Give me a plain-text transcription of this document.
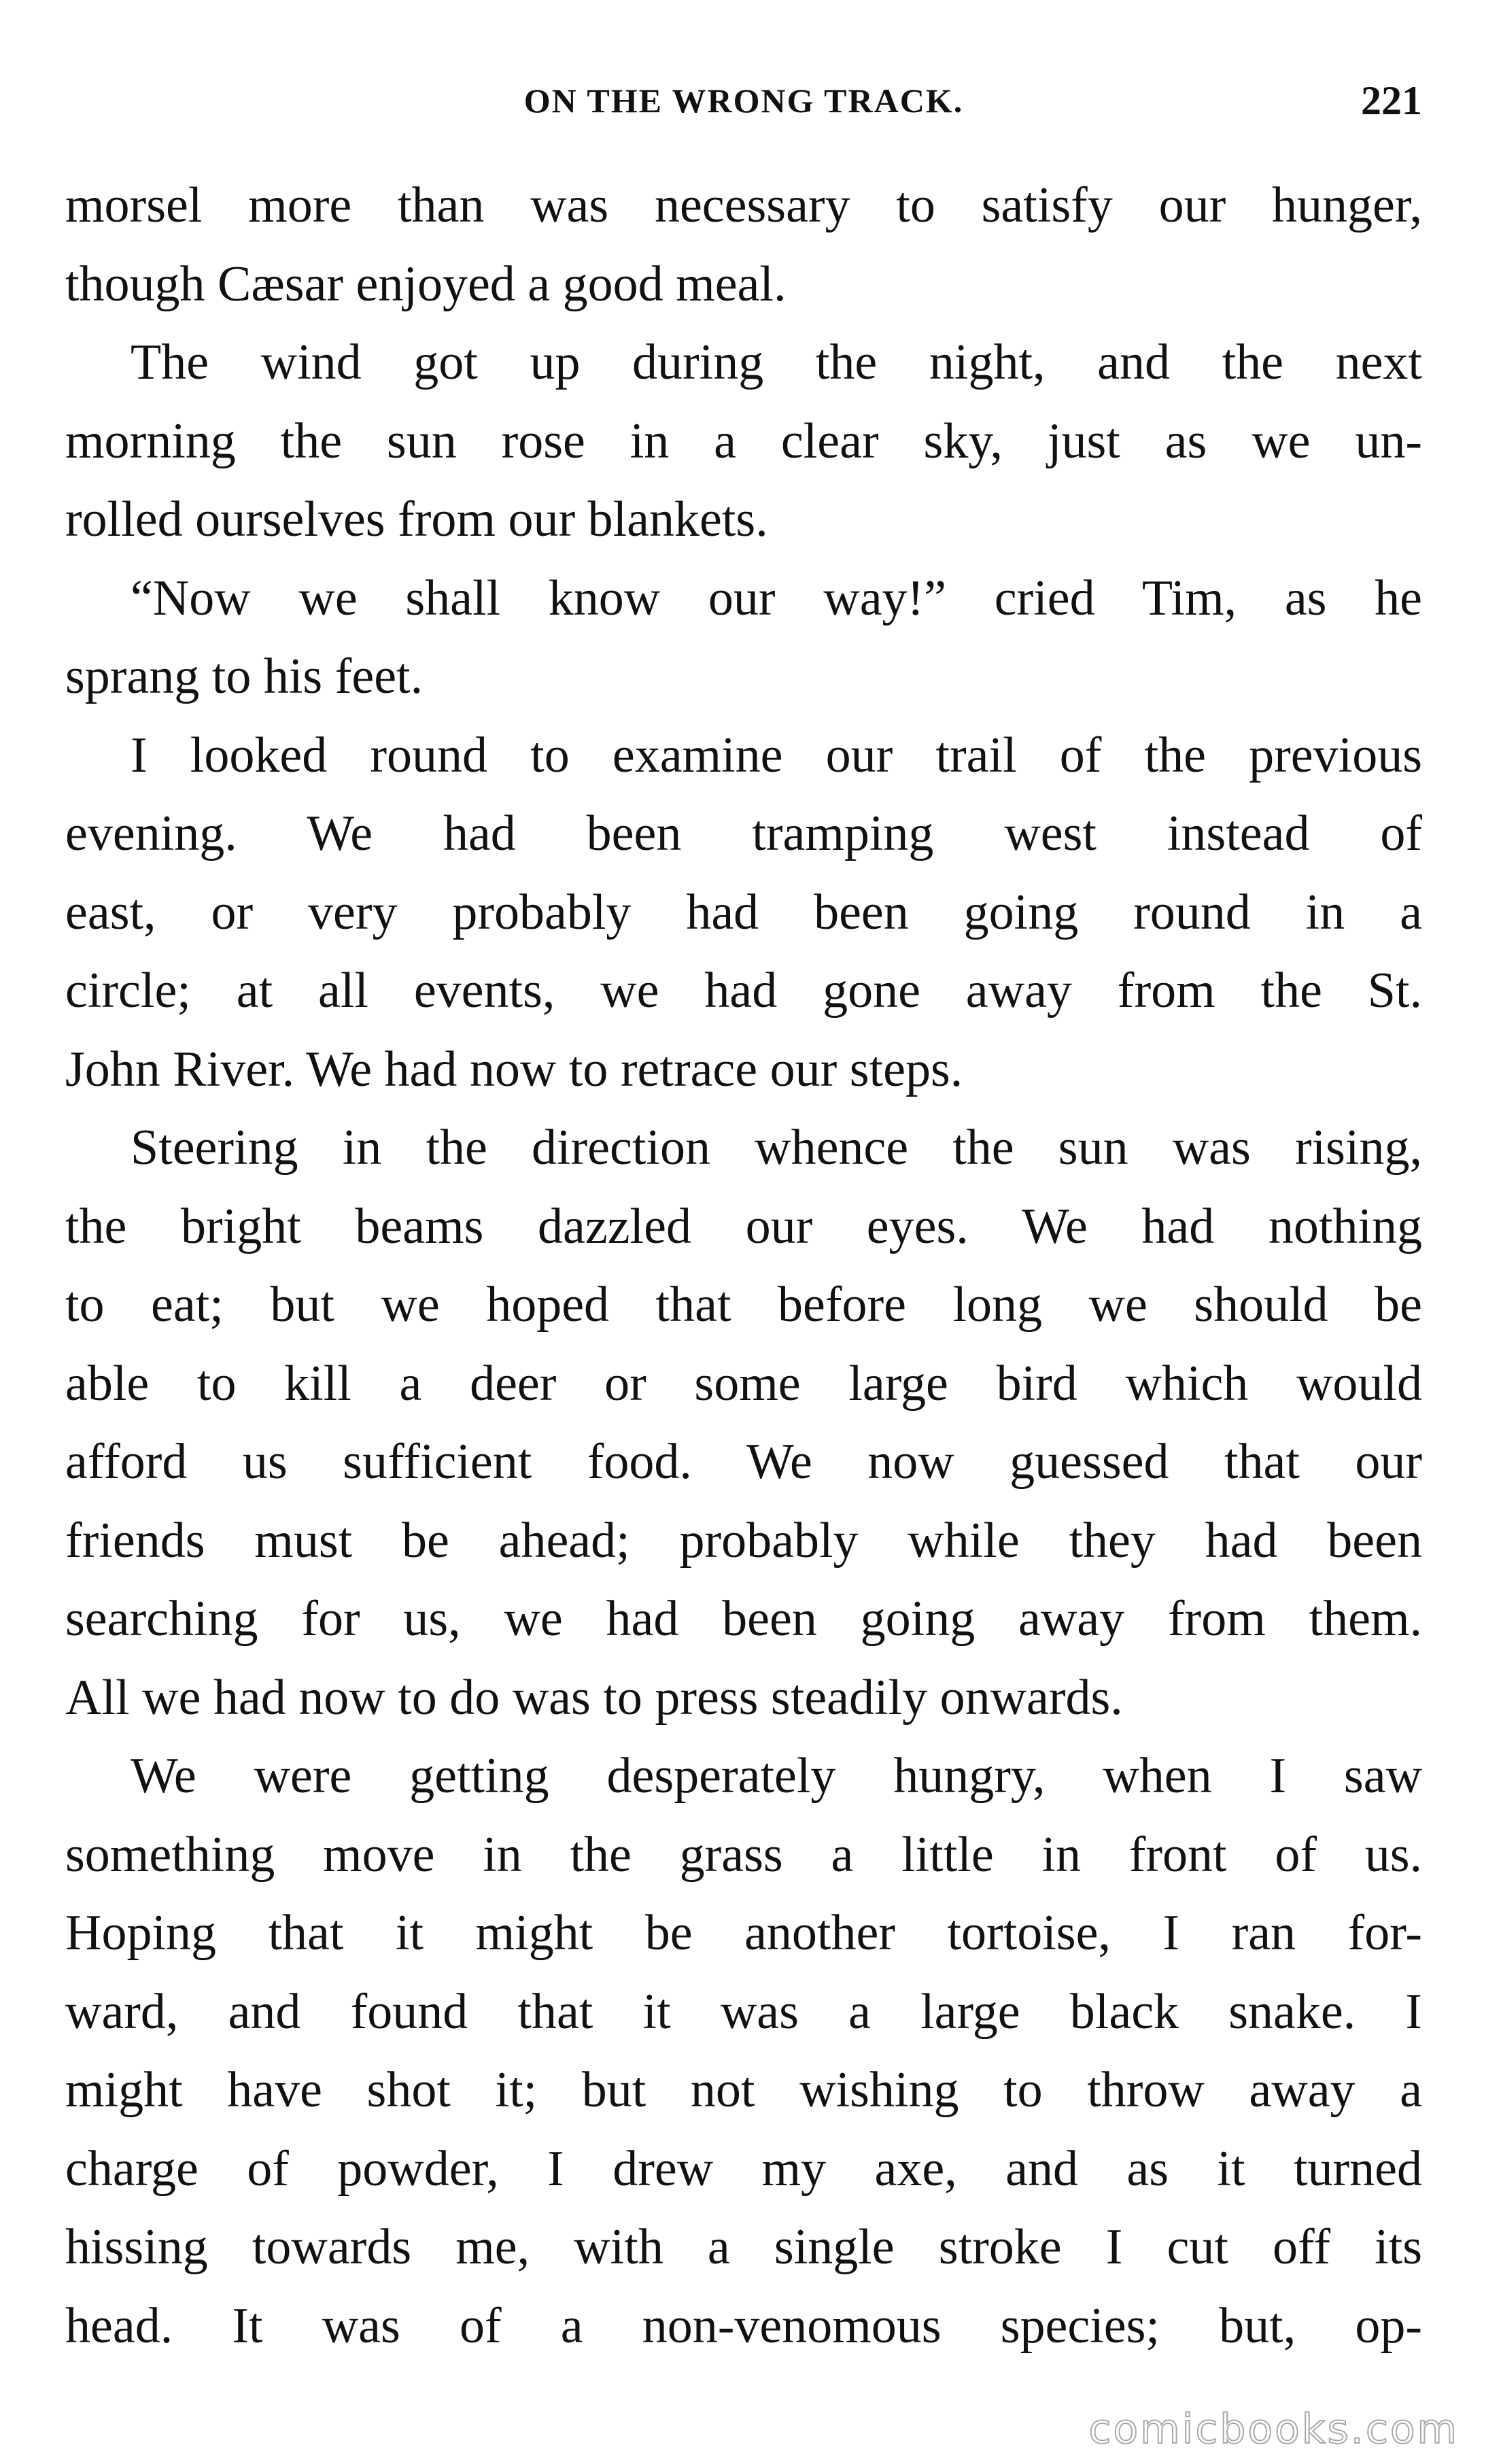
ON THE WRONG TRACK.	221
morsel more than was necessary to satisfy our hunger,
though Cæsar enjoyed a good meal.
The wind got up during the night, and the next
morning the sun rose in a clear sky, just as we un-
rolled ourselves from our blankets.
“Now we shall know our way!” cried Tim, as he
sprang to his feet.
I looked round to examine our trail of the previous
evening. We had been tramping west instead of
east, or very probably had been going round in a
circle; at all events, we had gone away from the St.
John River. We had now to retrace our steps.
Steering in the direction whence the sun was rising,
the bright beams dazzled our eyes. We had nothing
to eat; but we hoped that before long we should be
able to kill a deer or some large bird which would
afford us sufficient food. We now guessed that our
friends must be ahead; probably while they had been
searching for us, we had been going away from them.
All we had now to do was to press steadily onwards.
We were getting desperately hungry, when I saw
something move in the grass a little in front of us.
Hoping that it might be another tortoise, I ran for-
ward, and found that it was a large black snake. I
might have shot it; but not wishing to throw away a
charge of powder, I drew my axe, and as it turned
hissing towards me, with a single stroke I cut off its
head. It was of a non-venomous species; but, op-
comicbooks.com
